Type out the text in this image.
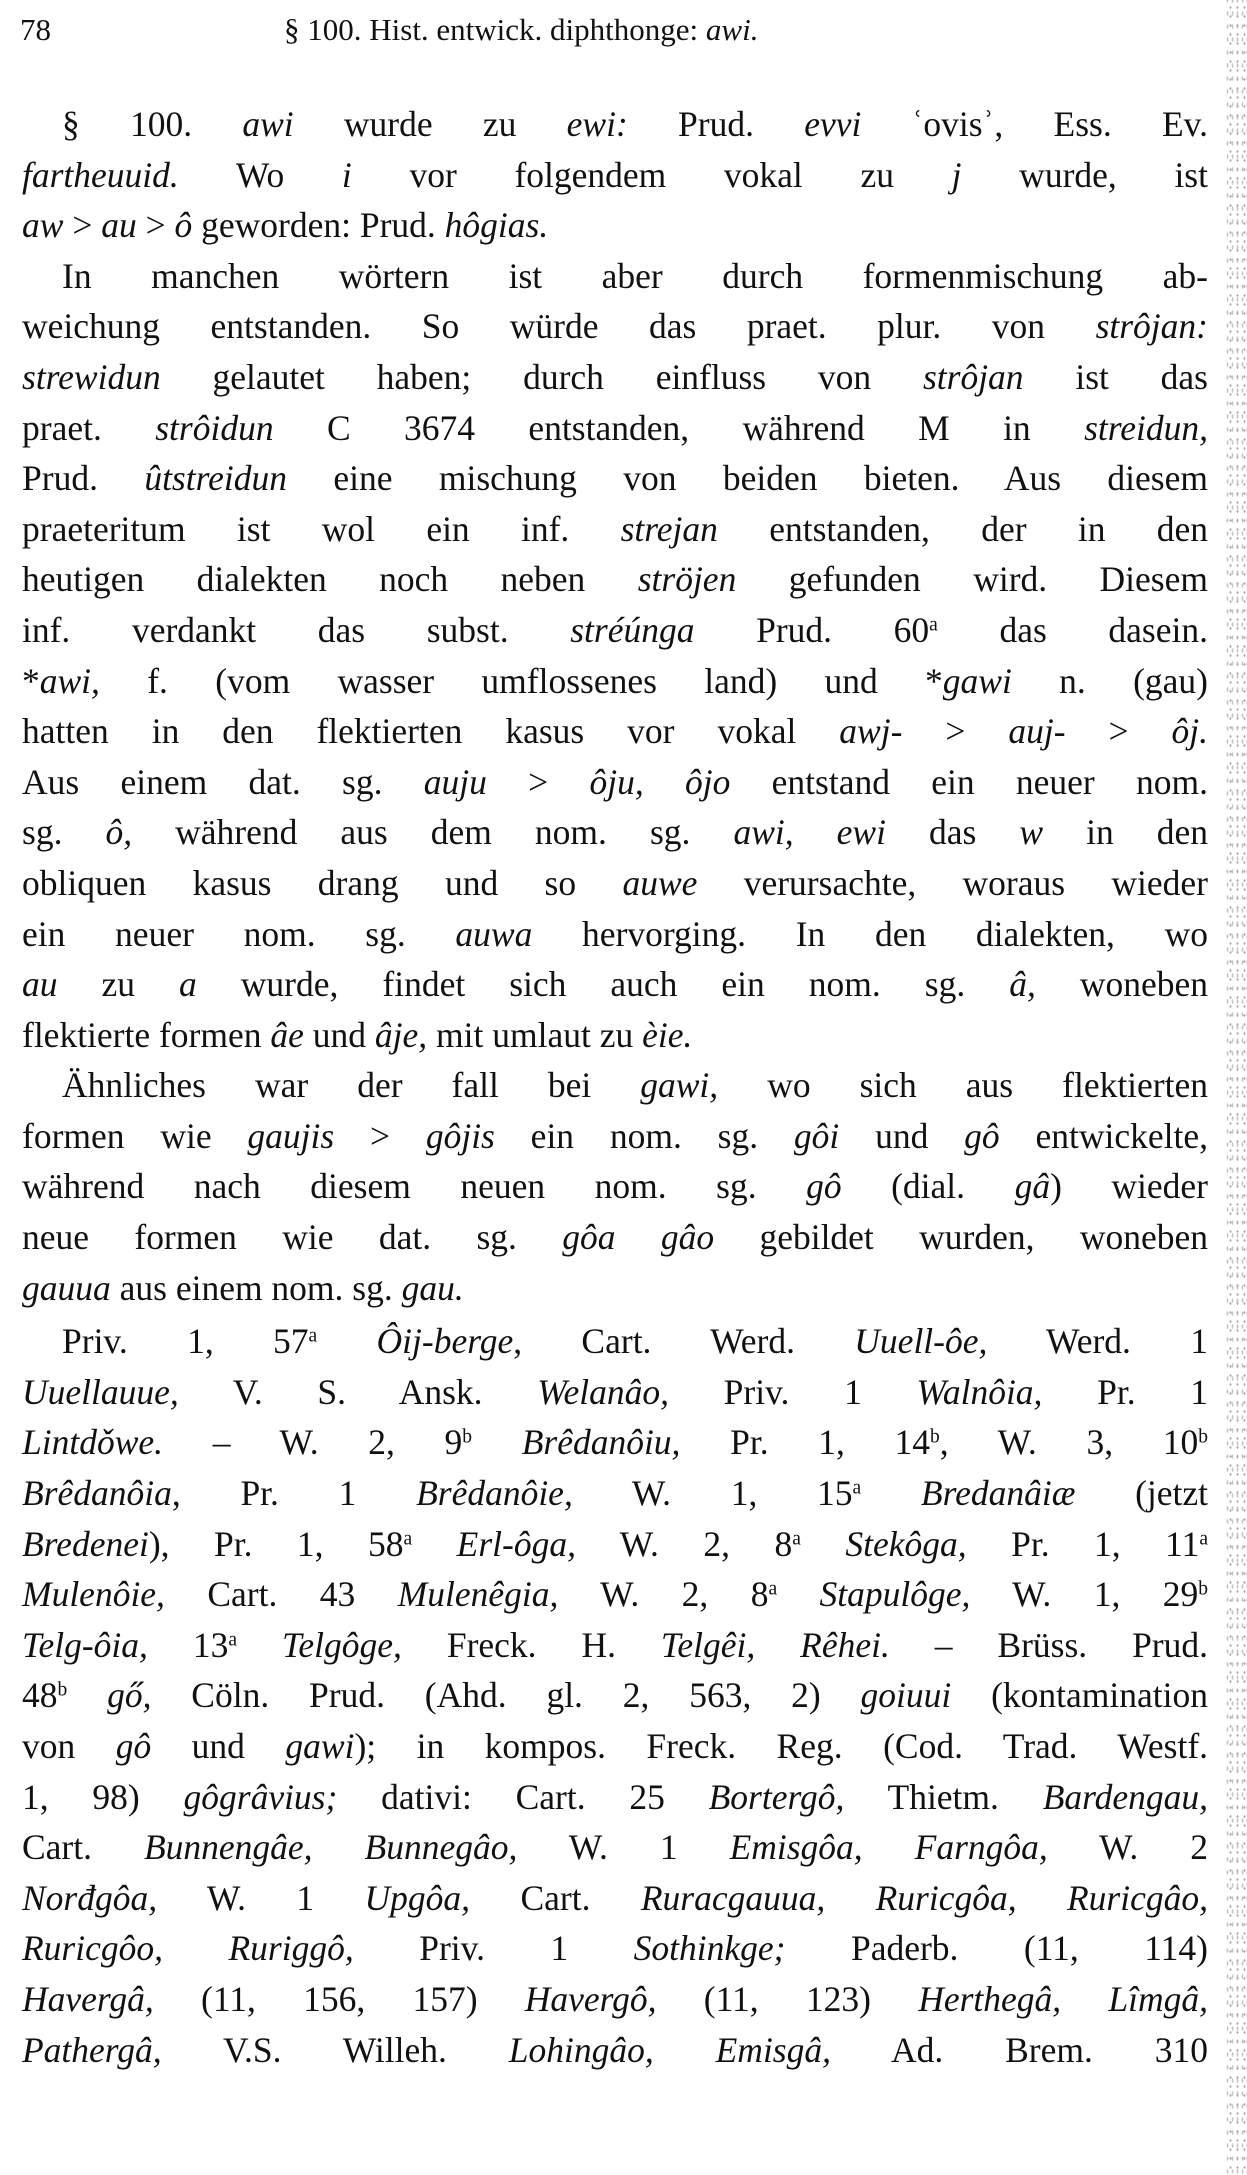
78	§ 100. Hist. entwick. diphthonge: awi.
§ 100. awi wurde zu ewi: Prud. evvi ʿovisʾ, Ess. Ev.
fartheuuid. Wo i vor folgendem vokal zu j wurde, ist
aw > au > ô geworden: Prud. hôgias.
In manchen wörtern ist aber durch formenmischung ab-
weichung entstanden. So würde das praet. plur. von strôjan:
strewidun gelautet haben; durch einfluss von strôjan ist das
praet. strôidun C 3674 entstanden, während M in streidun,
Prud. ûtstreidun eine mischung von beiden bieten. Aus diesem
praeteritum ist wol ein inf. strejan entstanden, der in den
heutigen dialekten noch neben ströjen gefunden wird. Diesem
inf. verdankt das subst. stréúnga Prud. 60$^a$ das dasein.
*awi, f. (vom wasser umflossenes land) und *gawi n. (gau)
hatten in den flektierten kasus vor vokal awj- > auj- > ôj.
Aus einem dat. sg. auju > ôju, ôjo entstand ein neuer nom.
sg. ô, während aus dem nom. sg. awi, ewi das w in den
obliquen kasus drang und so auwe verursachte, woraus wieder
ein neuer nom. sg. auwa hervorging. In den dialekten, wo
au zu a wurde, findet sich auch ein nom. sg. â, woneben
flektierte formen âe und âje, mit umlaut zu èie.
Ähnliches war der fall bei gawi, wo sich aus flektierten
formen wie gaujis > gôjis ein nom. sg. gôi und gô entwickelte,
während nach diesem neuen nom. sg. gô (dial. gâ) wieder
neue formen wie dat. sg. gôa gâo gebildet wurden, woneben
gauua aus einem nom. sg. gau.
Priv. 1, 57$^a$ Ôij-berge, Cart. Werd. Uuell-ôe, Werd. 1
Uuellauue, V. S. Ansk. Welanâo, Priv. 1 Walnôia, Pr. 1
Lintdǒwe. – W. 2, 9$^b$ Brêdanôiu, Pr. 1, 14$^b$, W. 3, 10$^b$
Brêdanôia, Pr. 1 Brêdanôie, W. 1, 15$^a$ Bredanâiæ (jetzt
Bredenei), Pr. 1, 58$^a$ Erl-ôga, W. 2, 8$^a$ Stekôga, Pr. 1, 11$^a$
Mulenôie, Cart. 43 Mulenêgia, W. 2, 8$^a$ Stapulôge, W. 1, 29$^b$
Telg-ôia, 13$^a$ Telgôge, Freck. H. Telgêi, Rêhei. – Brüss. Prud.
48$^b$ gő, Cöln. Prud. (Ahd. gl. 2, 563, 2) goiuui (kontamination
von gô und gawi); in kompos. Freck. Reg. (Cod. Trad. Westf.
1, 98) gôgrâvius; dativi: Cart. 25 Bortergô, Thietm. Bardengau,
Cart. Bunnengâe, Bunnegâo, W. 1 Emisgôa, Farngôa, W. 2
Norđgôa, W. 1 Upgôa, Cart. Ruracgauua, Ruricgôa, Ruricgâo,
Ruricgôo, Ruriggô, Priv. 1 Sothinkge; Paderb. (11, 114)
Havergâ, (11, 156, 157) Havergô, (11, 123) Herthegâ, Lîmgâ,
Pathergâ, V.S. Willeh. Lohingâo, Emisgâ, Ad. Brem. 310
